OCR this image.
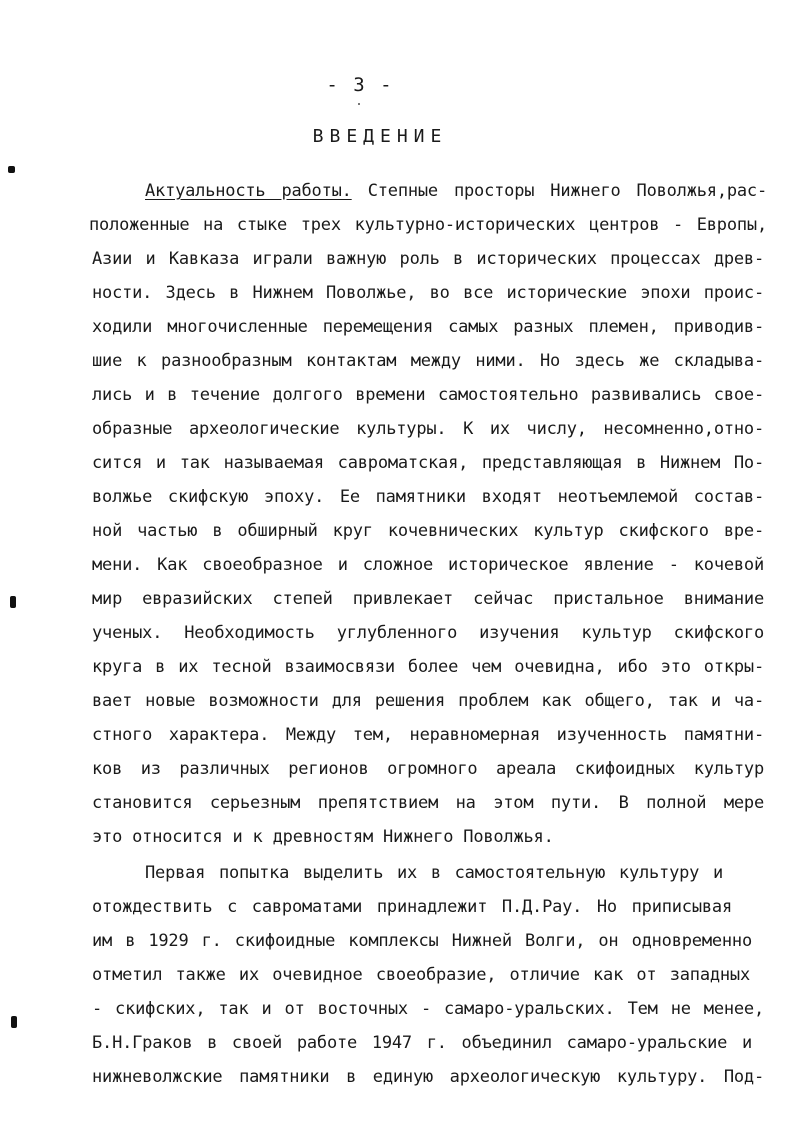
- 3 -
ВВЕДЕНИЕ
Актуальность работы. Степные просторы Нижнего Поволжья,рас-
положенные на стыке трех культурно-исторических центров - Европы,
Азии и Кавказа играли важную роль в исторических процессах древ-
ности. Здесь в Нижнем Поволжье, во все исторические эпохи проис-
ходили многочисленные перемещения самых разных племен, приводив-
шие к разнообразным контактам между ними. Но здесь же складыва-
лись и в течение долгого времени самостоятельно развивались свое-
образные археологические культуры. К их числу, несомненно,отно-
сится и так называемая савроматская, представляющая в Нижнем По-
волжье скифскую эпоху. Ее памятники входят неотъемлемой состав-
ной частью в обширный круг кочевнических культур скифского вре-
мени. Как своеобразное и сложное историческое явление - кочевой
мир евразийских степей привлекает сейчас пристальное внимание
ученых. Необходимость углубленного изучения культур скифского
круга в их тесной взаимосвязи более чем очевидна, ибо это откры-
вает новые возможности для решения проблем как общего, так и ча-
стного характера. Между тем, неравномерная изученность памятни-
ков из различных регионов огромного ареала скифоидных культур
становится серьезным препятствием на этом пути. В полной мере
это относится и к древностям Нижнего Поволжья.
Первая попытка выделить их в самостоятельную культуру и
отождествить с савроматами принадлежит П.Д.Рау. Но приписывая
им в 1929 г. скифоидные комплексы Нижней Волги, он одновременно
отметил также их очевидное своеобразие, отличие как от западных
- скифских, так и от восточных - самаро-уральских. Тем не менее,
Б.Н.Граков в своей работе 1947 г. объединил самаро-уральские и
нижневолжские памятники в единую археологическую культуру. Под-
